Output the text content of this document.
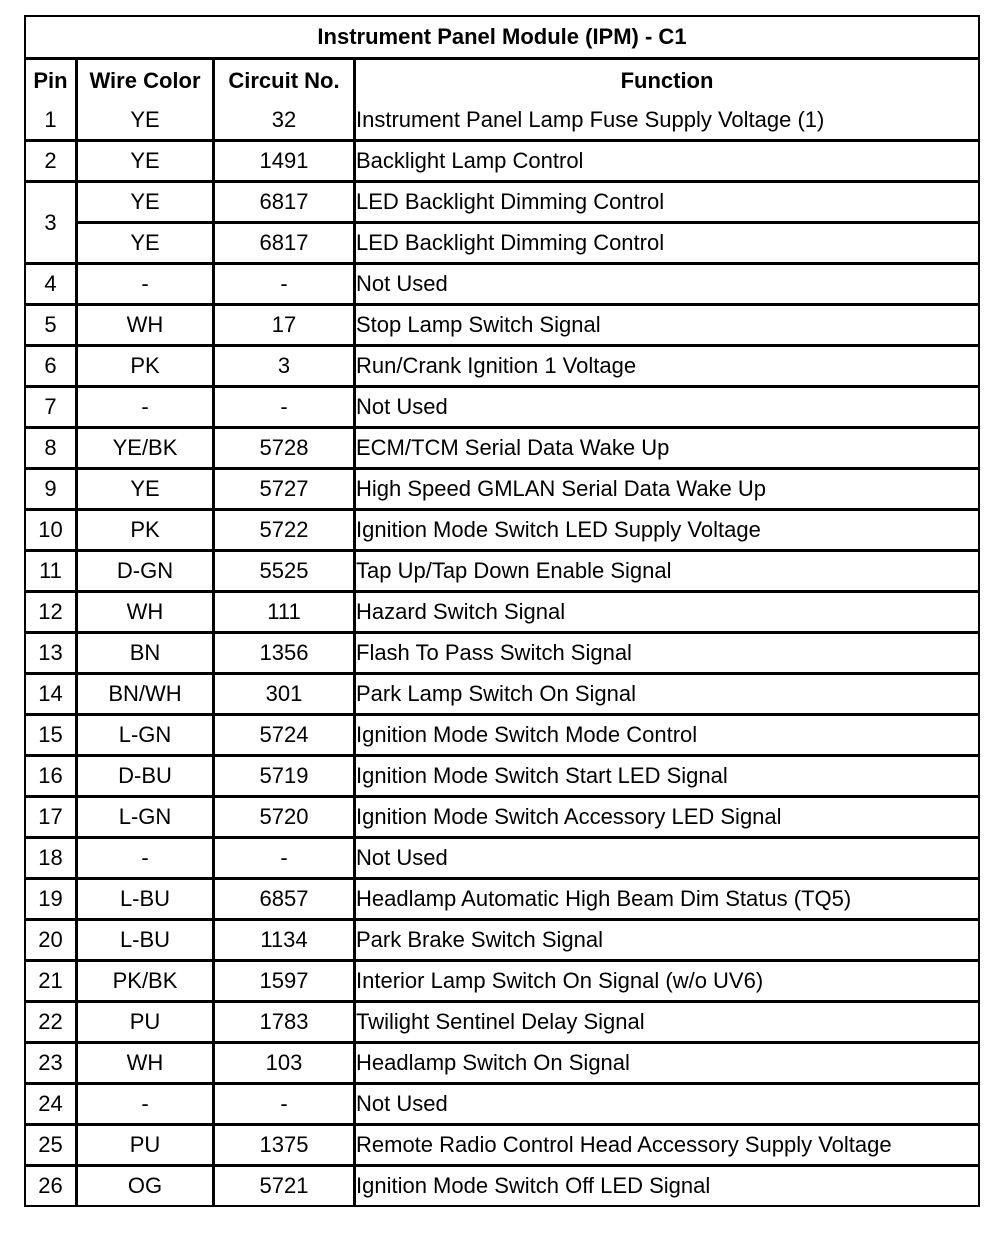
Instrument Panel Module (IPM) - C1			
Pin	Wire Color	Circuit No.	Function
1	YE	32	Instrument Panel Lamp Fuse Supply Voltage (1)
2	YE	1491	Backlight Lamp Control
3	YE	6817	LED Backlight Dimming Control
	YE	6817	LED Backlight Dimming Control
4	-	-	Not Used
5	WH	17	Stop Lamp Switch Signal
6	PK	3	Run/Crank Ignition 1 Voltage
7	-	-	Not Used
8	YE/BK	5728	ECM/TCM Serial Data Wake Up
9	YE	5727	High Speed GMLAN Serial Data Wake Up
10	PK	5722	Ignition Mode Switch LED Supply Voltage
11	D-GN	5525	Tap Up/Tap Down Enable Signal
12	WH	111	Hazard Switch Signal
13	BN	1356	Flash To Pass Switch Signal
14	BN/WH	301	Park Lamp Switch On Signal
15	L-GN	5724	Ignition Mode Switch Mode Control
16	D-BU	5719	Ignition Mode Switch Start LED Signal
17	L-GN	5720	Ignition Mode Switch Accessory LED Signal
18	-	-	Not Used
19	L-BU	6857	Headlamp Automatic High Beam Dim Status (TQ5)
20	L-BU	1134	Park Brake Switch Signal
21	PK/BK	1597	Interior Lamp Switch On Signal (w/o UV6)
22	PU	1783	Twilight Sentinel Delay Signal
23	WH	103	Headlamp Switch On Signal
24	-	-	Not Used
25	PU	1375	Remote Radio Control Head Accessory Supply Voltage
26	OG	5721	Ignition Mode Switch Off LED Signal
